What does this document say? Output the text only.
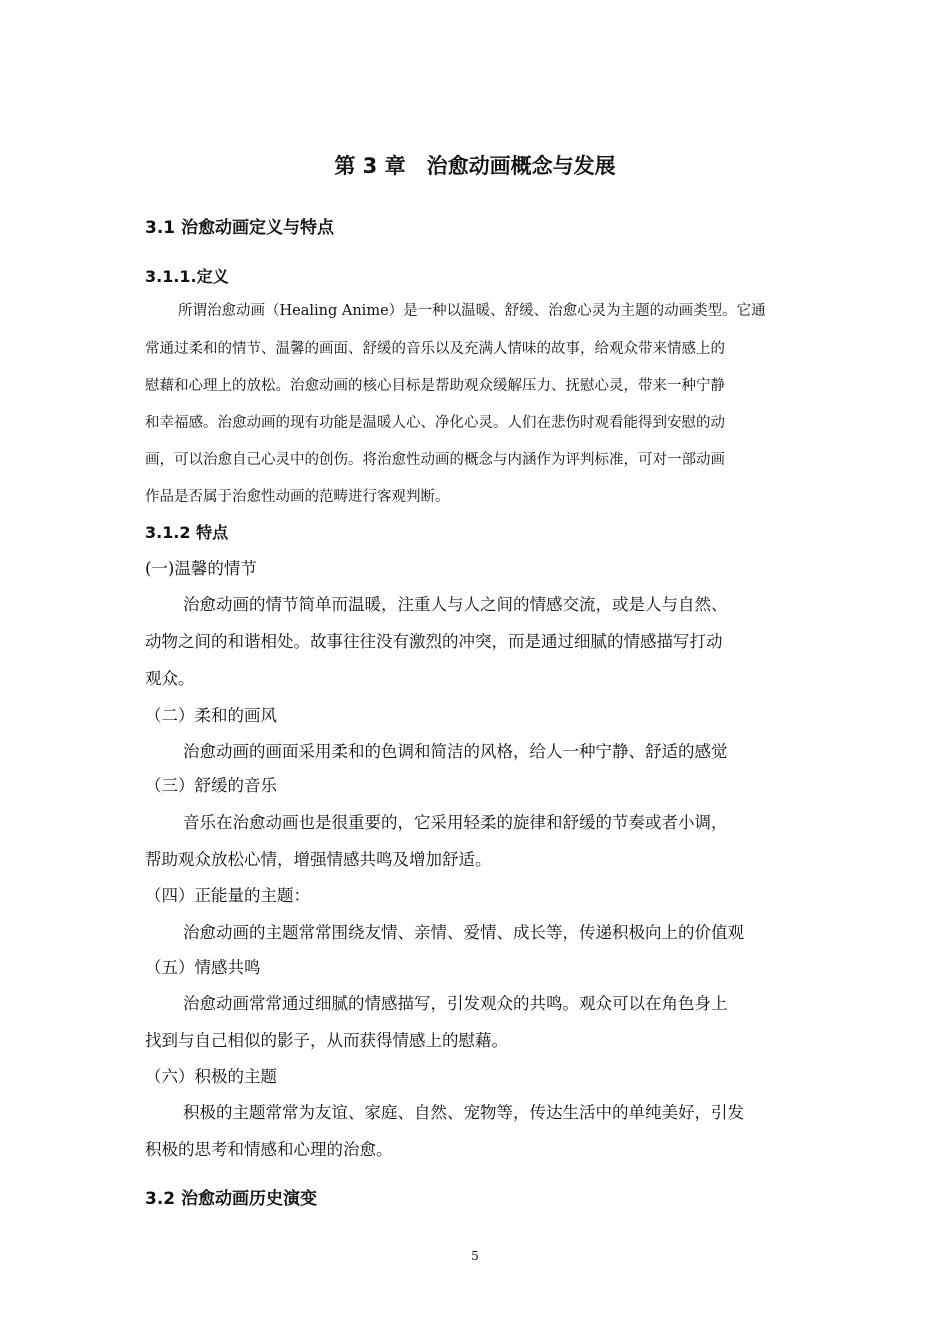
第 3 章　治愈动画概念与发展
3.1 治愈动画定义与特点
3.1.1.定义
所谓治愈动画（Healing Anime）是一种以温暖、舒缓、治愈心灵为主题的动画类型。它通
常通过柔和的情节、温馨的画面、舒缓的音乐以及充满人情味的故事，给观众带来情感上的
慰藉和心理上的放松。治愈动画的核心目标是帮助观众缓解压力、抚慰心灵，带来一种宁静
和幸福感。治愈动画的现有功能是温暖人心、净化心灵。人们在悲伤时观看能得到安慰的动
画，可以治愈自己心灵中的创伤。将治愈性动画的概念与内涵作为评判标准，可对一部动画
作品是否属于治愈性动画的范畴进行客观判断。
3.1.2 特点
(一)温馨的情节
治愈动画的情节简单而温暖，注重人与人之间的情感交流，或是人与自然、
动物之间的和谐相处。故事往往没有激烈的冲突，而是通过细腻的情感描写打动
观众。
（二）柔和的画风
治愈动画的画面采用柔和的色调和简洁的风格，给人一种宁静、舒适的感觉
（三）舒缓的音乐
音乐在治愈动画也是很重要的，它采用轻柔的旋律和舒缓的节奏或者小调，
帮助观众放松心情，增强情感共鸣及增加舒适。
（四）正能量的主题：
治愈动画的主题常常围绕友情、亲情、爱情、成长等，传递积极向上的价值观
（五）情感共鸣
治愈动画常常通过细腻的情感描写，引发观众的共鸣。观众可以在角色身上
找到与自己相似的影子，从而获得情感上的慰藉。
（六）积极的主题
积极的主题常常为友谊、家庭、自然、宠物等，传达生活中的单纯美好，引发
积极的思考和情感和心理的治愈。
3.2 治愈动画历史演变
5
